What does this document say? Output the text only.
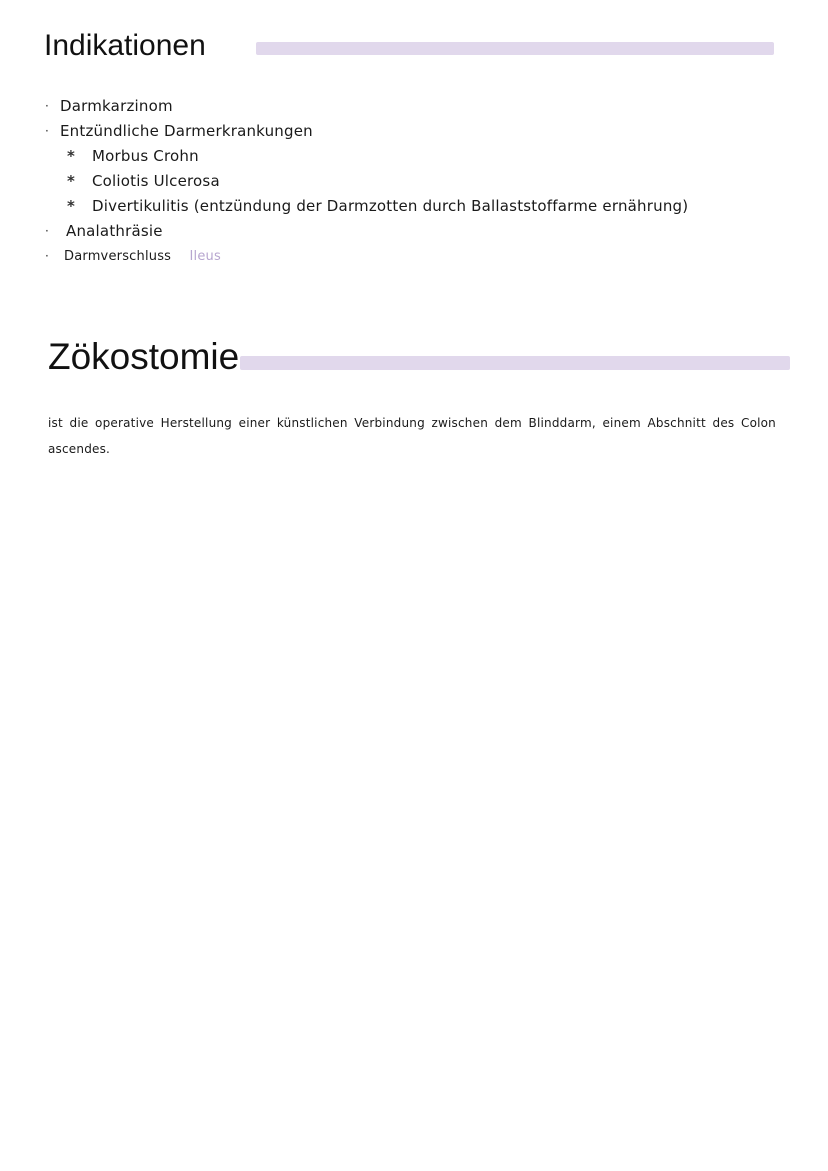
Indikationen
· Darmkarzinom
· Entzündliche Darmerkrankungen
* Morbus Crohn
* Coliotis Ulcerosa
* Divertikulitis (entzündung der Darmzotten durch Ballaststoffarme ernährung)
·	Analathräsie
·	Darmverschluss Ileus
Zökostomie

ist die operative Herstellung einer künstlichen Verbindung zwischen dem Blinddarm, einem Abschnitt des Colon ascendes.
